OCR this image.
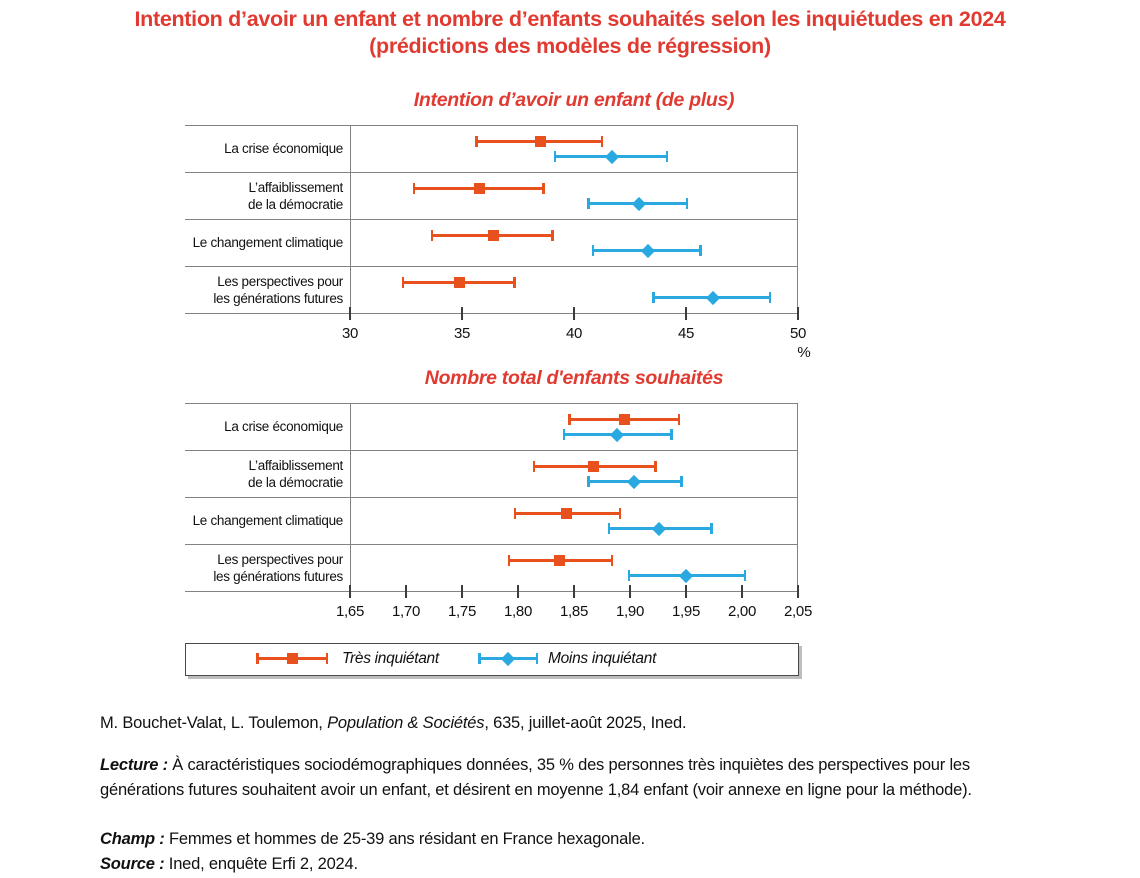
Intention d’avoir un enfant et nombre d’enfants souhaités selon les inquiétudes en 2024
(prédictions des modèles de régression)
Intention d’avoir un enfant (de plus)
La crise économique
L’affaiblissement
de la démocratie
Le changement climatique
Les perspectives pour
les générations futures
30	35	40	45	50
%
Nombre total d'enfants souhaités
La crise économique
L’affaiblissement
de la démocratie
Le changement climatique
Les perspectives pour
les générations futures
1,65 1,70 1,75 1,80 1,85 1,90 1,95 2,00 2,05
Très inquiétant	Moins inquiétant
M. Bouchet-Valat, L. Toulemon, Population & Sociétés, 635, juillet-août 2025, Ined.
Lecture : À caractéristiques sociodémographiques données, 35 % des personnes très inquiètes des perspectives pour les générations futures souhaitent avoir un enfant, et désirent en moyenne 1,84 enfant (voir annexe en ligne pour la méthode).
Champ : Femmes et hommes de 25-39 ans résidant en France hexagonale.
Source : Ined, enquête Erfi 2, 2024.
